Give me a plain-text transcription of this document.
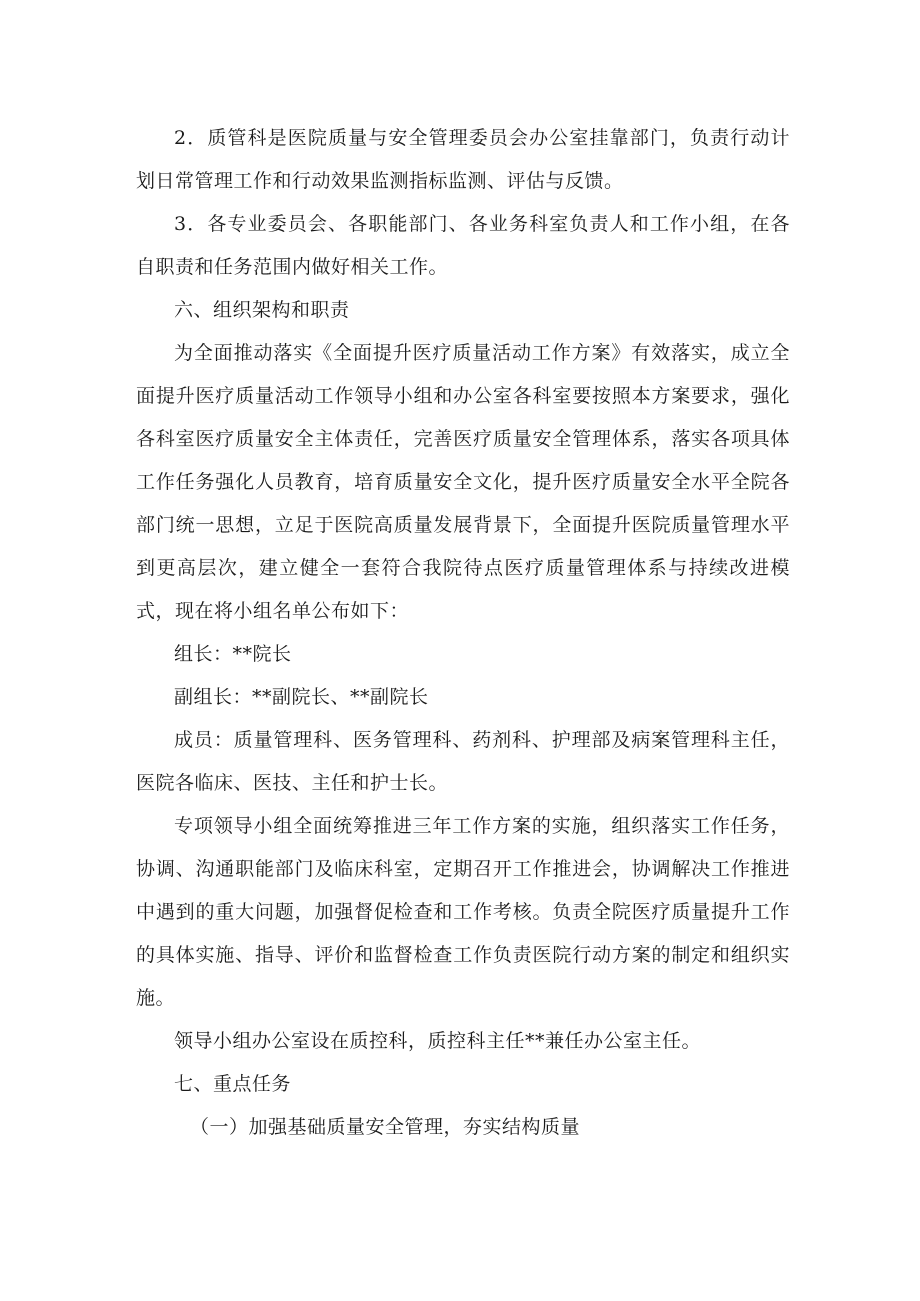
2．质管科是医院质量与安全管理委员会办公室挂靠部门，负责行动计划日常管理工作和行动效果监测指标监测、评估与反馈。

3．各专业委员会、各职能部门、各业务科室负责人和工作小组，在各自职责和任务范围内做好相关工作。

六、组织架构和职责

为全面推动落实《全面提升医疗质量活动工作方案》有效落实，成立全面提升医疗质量活动工作领导小组和办公室各科室要按照本方案要求，强化各科室医疗质量安全主体责任，完善医疗质量安全管理体系，落实各项具体工作任务强化人员教育，培育质量安全文化，提升医疗质量安全水平全院各部门统一思想，立足于医院高质量发展背景下，全面提升医院质量管理水平到更高层次，建立健全一套符合我院待点医疗质量管理体系与持续改进模式，现在将小组名单公布如下：

组长：**院长

副组长：**副院长、**副院长

成员：质量管理科、医务管理科、药剂科、护理部及病案管理科主任，医院各临床、医技、主任和护士长。

专项领导小组全面统筹推进三年工作方案的实施，组织落实工作任务，协调、沟通职能部门及临床科室，定期召开工作推进会，协调解决工作推进中遇到的重大问题，加强督促检查和工作考核。负责全院医疗质量提升工作的具体实施、指导、评价和监督检查工作负责医院行动方案的制定和组织实施。

领导小组办公室设在质控科，质控科主任**兼任办公室主任。

七、重点任务

（一）加强基础质量安全管理，夯实结构质量
